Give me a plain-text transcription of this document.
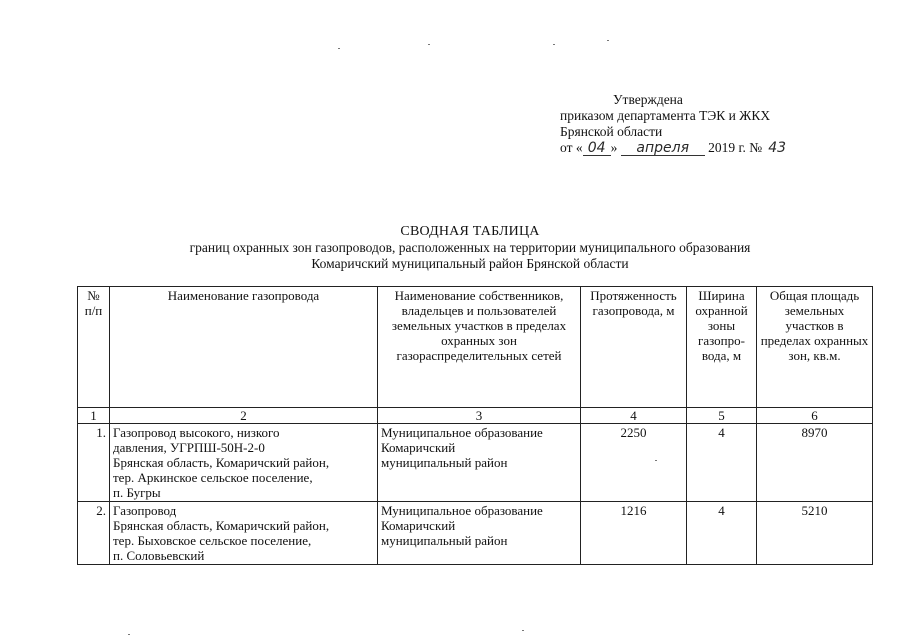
Утверждена
приказом департамента ТЭК и ЖКХ
Брянской области
от « 04 » апреля 2019 г. № 43
СВОДНАЯ ТАБЛИЦА
границ охранных зон газопроводов, расположенных на территории муниципального образования
Комаричский муниципальный район Брянской области
№ п/п	Наименование газопровода	Наименование собственников, владельцев и пользователей земельных участков в пределах охранных зон газораспределительных сетей	Протяженность газопровода, м	Ширина охранной зоны газопро-вода, м	Общая площадь земельных участков в пределах охранных зон, кв.м.
1	2	3	4	5	6
1.	Газопровод высокого, низкого
давления, УГРПШ-50Н-2-0
Брянская область, Комаричский район,
тер. Аркинское сельское поселение,
п. Бугры	Муниципальное образование
Комаричский
муниципальный район	2250	4	8970
2.	Газопровод
Брянская область, Комаричский район,
тер. Быховское сельское поселение,
п. Соловьевский	Муниципальное образование
Комаричский
муниципальный район	1216	4	5210
